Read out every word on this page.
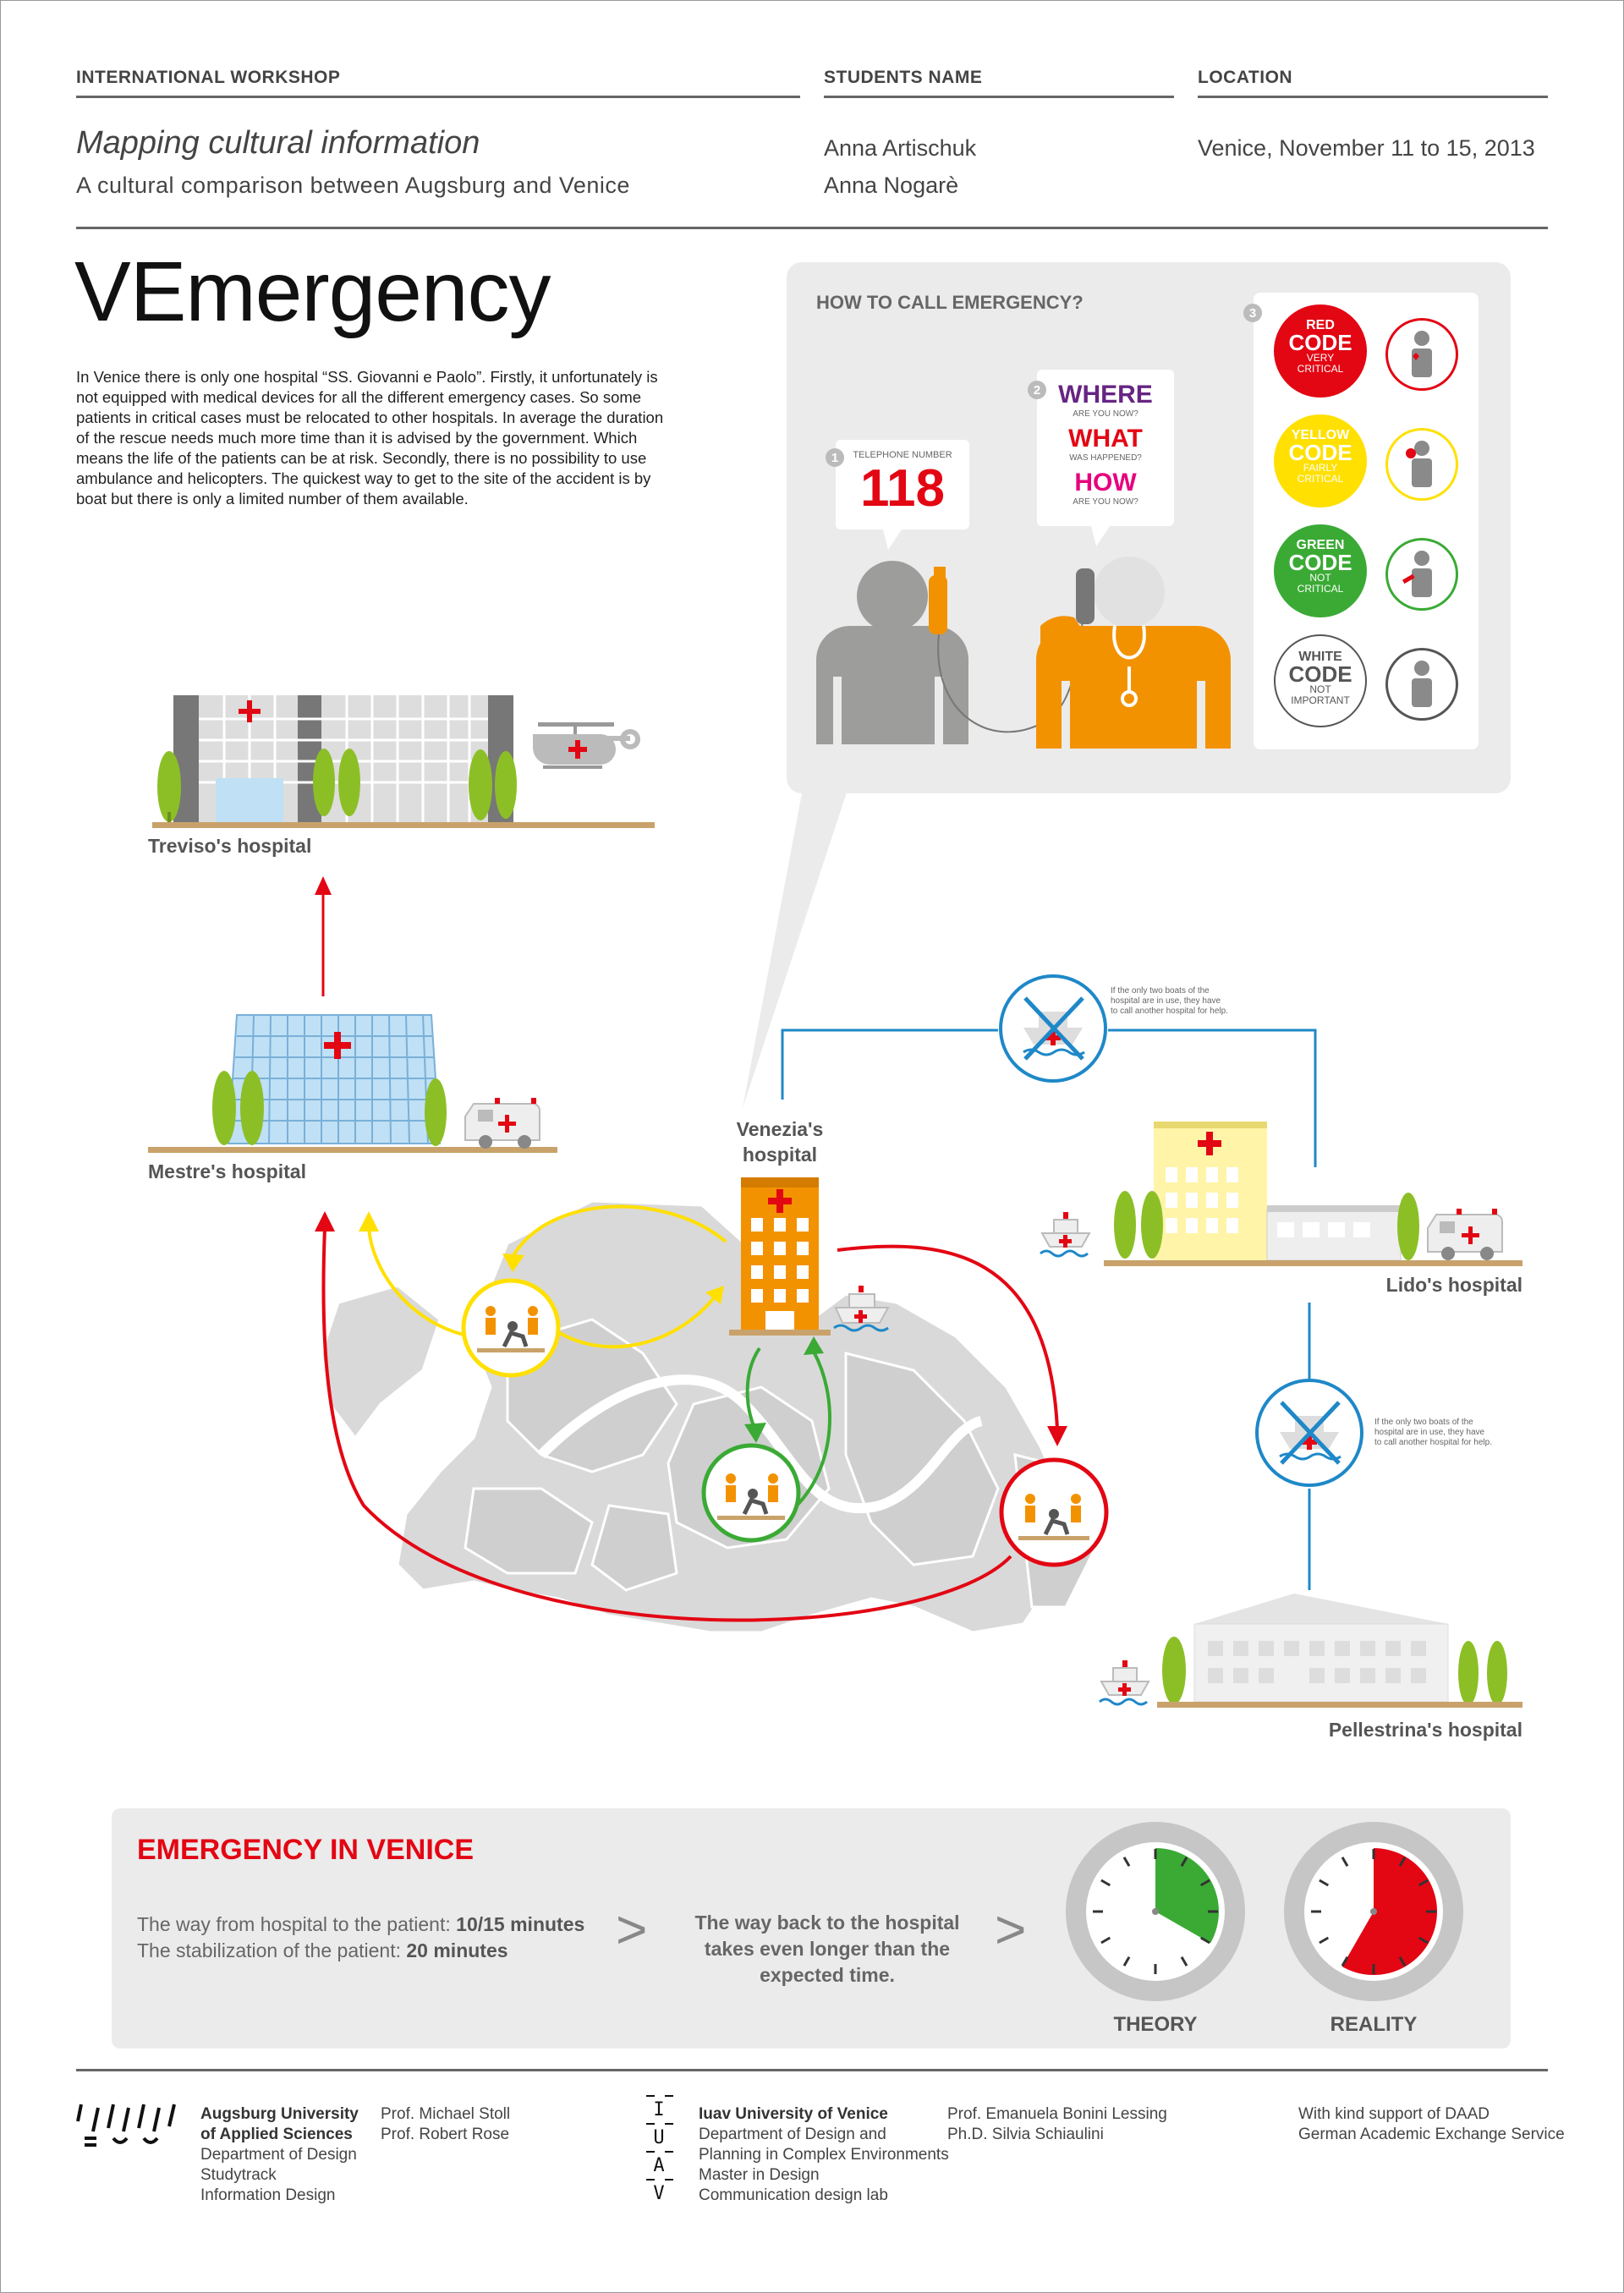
INTERNATIONAL WORKSHOP	STUDENTS NAME	LOCATION
Mapping cultural information
A cultural comparison between Augsburg and Venice
Anna Artischuk
Anna Nogarè
Venice, November 11 to 15, 2013
VEmergency
In Venice there is only one hospital “SS. Giovanni e Paolo”. Firstly, it unfortunately is not equipped with medical devices for all the different emergency cases. So some patients in critical cases must be relocated to other hospitals. In average the duration of the rescue needs much more time than it is advised by the government. Which means the life of the patients can be at risk. Secondly, there is no possibility to use ambulance and helicopters. The quickest way to get to the site of the accident is by boat but there is only a limited number of them available.
HOW TO CALL EMERGENCY?
1
2
3
TELEPHONE NUMBER
118
WHERE
ARE YOU NOW?
WHAT
WAS HAPPENED?
HOW
ARE YOU NOW?
RED
CODE
VERY
CRITICAL
YELLOW
CODE
FAIRLY
CRITICAL
GREEN
CODE
NOT
CRITICAL
WHITE
CODE
NOT
IMPORTANT
Treviso's hospital
Mestre's hospital
Venezia's
hospital
Lido's hospital
Pellestrina's hospital
If the only two boats of the
hospital are in use, they have
to call another hospital for help.
If the only two boats of the
hospital are in use, they have
to call another hospital for help.
EMERGENCY IN VENICE
The way from hospital to the patient: 10/15 minutes
The stabilization of the patient: 20 minutes	>	The way back to the hospital
takes even longer than the
expected time.
>
THEORY	REALITY
Augsburg University
of Applied Sciences
Department of Design
Studytrack
Information Design
Prof. Michael Stoll
Prof. Robert Rose
I
U
A
V
Iuav University of Venice
Department of Design and
Planning in Complex Environments
Master in Design
Communication design lab
Prof. Emanuela Bonini Lessing
Ph.D. Silvia Schiaulini
With kind support of DAAD
German Academic Exchange Service
